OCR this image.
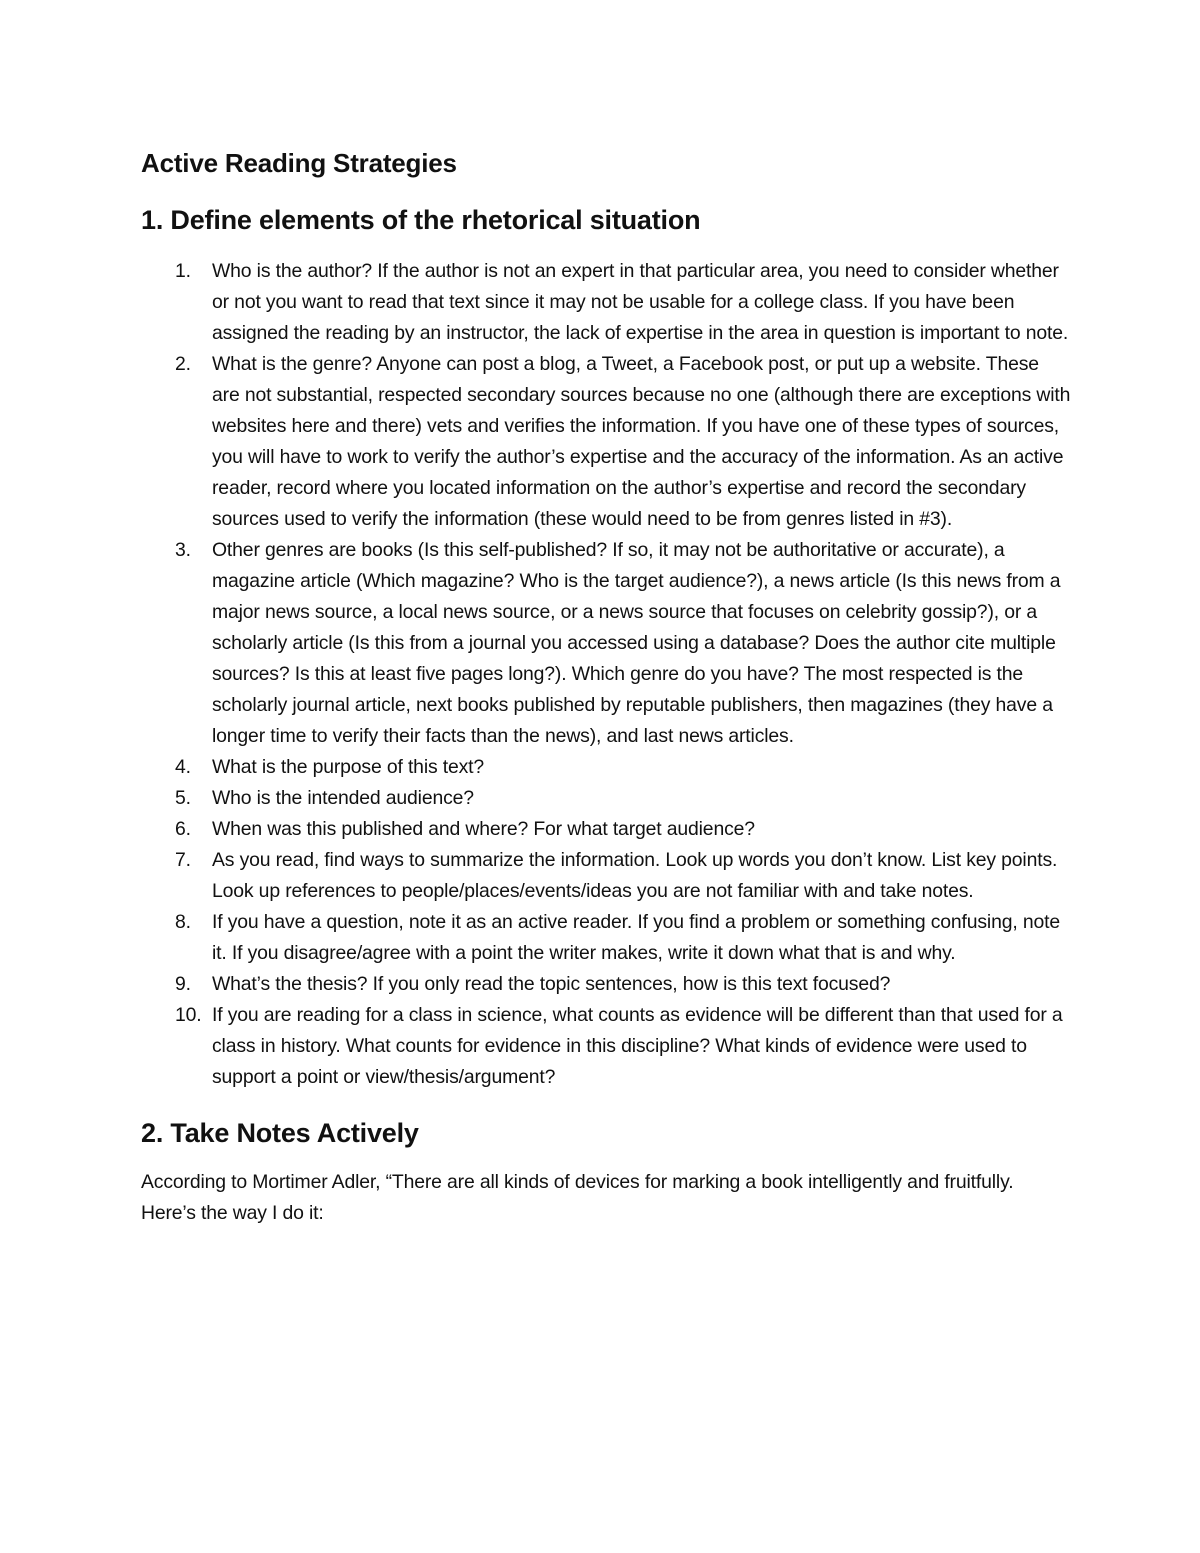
Active Reading Strategies
1. Define elements of the rhetorical situation
1. Who is the author? If the author is not an expert in that particular area, you need to consider whether or not you want to read that text since it may not be usable for a college class. If you have been assigned the reading by an instructor, the lack of expertise in the area in question is important to note.
2. What is the genre? Anyone can post a blog, a Tweet, a Facebook post, or put up a website. These are not substantial, respected secondary sources because no one (although there are exceptions with websites here and there) vets and verifies the information. If you have one of these types of sources, you will have to work to verify the author’s expertise and the accuracy of the information. As an active reader, record where you located information on the author’s expertise and record the secondary sources used to verify the information (these would need to be from genres listed in #3).
3. Other genres are books (Is this self-published? If so, it may not be authoritative or accurate), a magazine article (Which magazine? Who is the target audience?), a news article (Is this news from a major news source, a local news source, or a news source that focuses on celebrity gossip?), or a scholarly article (Is this from a journal you accessed using a database? Does the author cite multiple sources? Is this at least five pages long?). Which genre do you have? The most respected is the scholarly journal article, next books published by reputable publishers, then magazines (they have a longer time to verify their facts than the news), and last news articles.
4. What is the purpose of this text?
5. Who is the intended audience?
6. When was this published and where? For what target audience?
7. As you read, find ways to summarize the information. Look up words you don’t know. List key points. Look up references to people/places/events/ideas you are not familiar with and take notes.
8. If you have a question, note it as an active reader. If you find a problem or something confusing, note it. If you disagree/agree with a point the writer makes, write it down what that is and why.
9. What’s the thesis? If you only read the topic sentences, how is this text focused?
10. If you are reading for a class in science, what counts as evidence will be different than that used for a class in history. What counts for evidence in this discipline? What kinds of evidence were used to support a point or view/thesis/argument?
2. Take Notes Actively

According to Mortimer Adler, “There are all kinds of devices for marking a book intelligently and fruitfully. Here’s the way I do it:
